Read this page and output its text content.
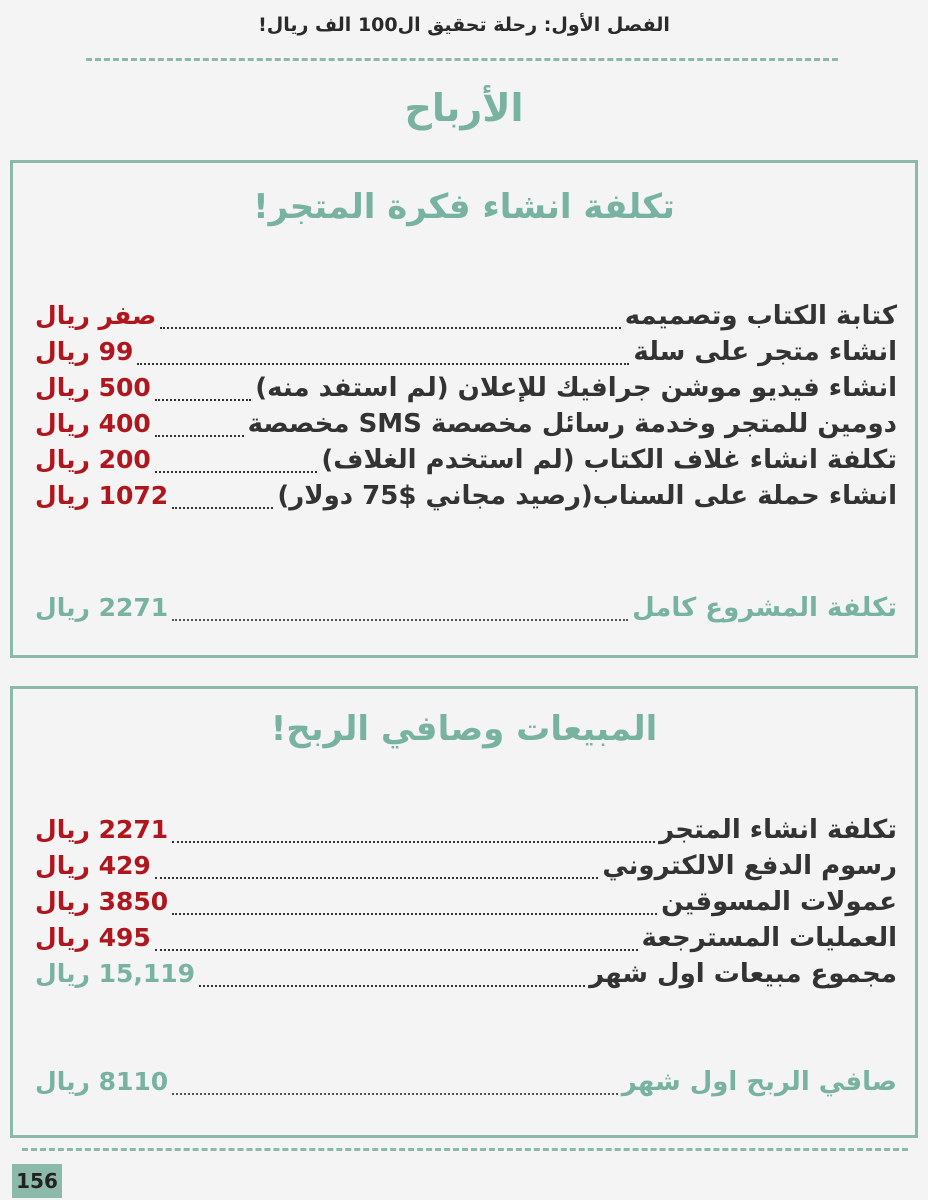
الفصل الأول: رحلة تحقيق ال100 الف ريال!
الأرباح
تكلفة انشاء فكرة المتجر!
كتابة الكتاب وتصميمه
صفر ريال
انشاء متجر على سلة
99 ريال
انشاء فيديو موشن جرافيك للإعلان (لم استفد منه)
500 ريال
دومين للمتجر وخدمة رسائل مخصصة SMS مخصصة
400 ريال
تكلفة انشاء غلاف الكتاب (لم استخدم الغلاف)
200 ريال
انشاء حملة على السناب(رصيد مجاني $75 دولار)
1072 ريال
تكلفة المشروع كامل
2271 ريال
المبيعات وصافي الربح!
تكلفة انشاء المتجر
2271 ريال
رسوم الدفع الالكتروني
429 ريال
عمولات المسوقين
3850 ريال
العمليات المسترجعة
495 ريال
مجموع مبيعات اول شهر
15,119 ريال
صافي الربح اول شهر
8110 ريال
156
